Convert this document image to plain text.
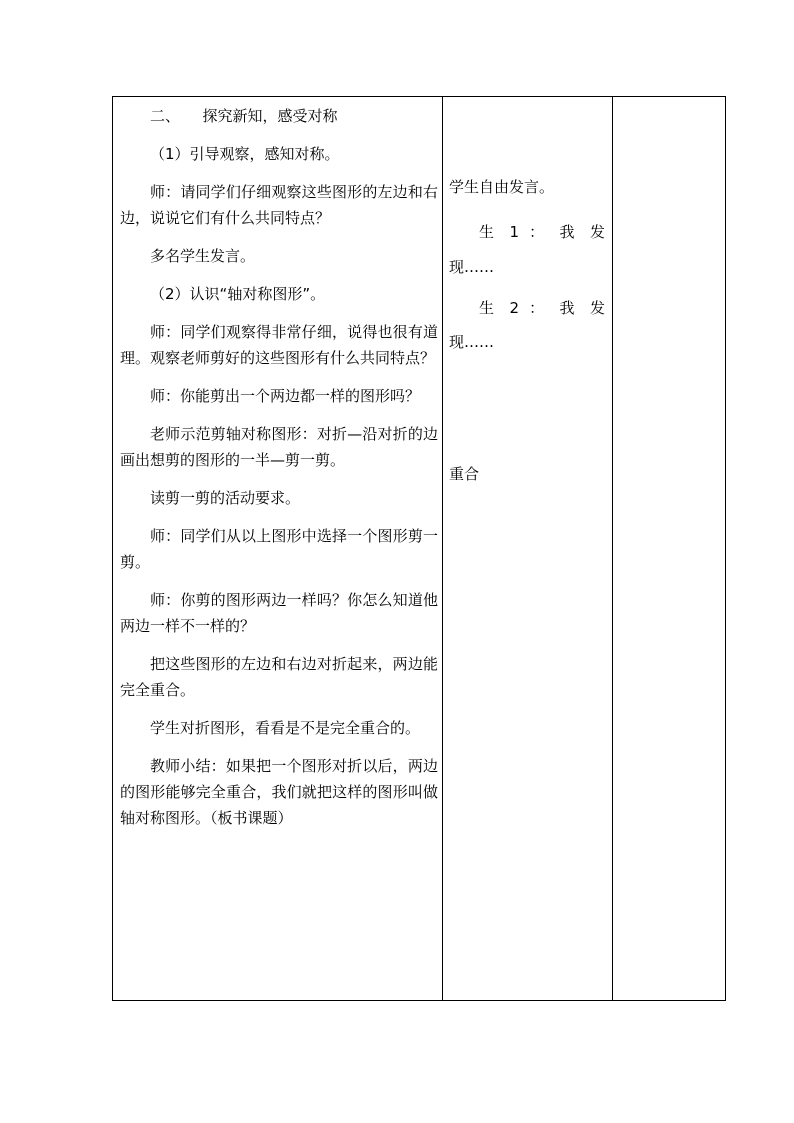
二、　　探究新知，感受对称

（1）引导观察，感知对称。

师：请同学们仔细观察这些图形的左边和右边，说说它们有什么共同特点？

多名学生发言。

（2）认识“轴对称图形”。

师：同学们观察得非常仔细，说得也很有道理。观察老师剪好的这些图形有什么共同特点？

师：你能剪出一个两边都一样的图形吗？

老师示范剪轴对称图形：对折—沿对折的边画出想剪的图形的一半—剪一剪。

读剪一剪的活动要求。

师：同学们从以上图形中选择一个图形剪一剪。

师：你剪的图形两边一样吗？你怎么知道他两边一样不一样的？

把这些图形的左边和右边对折起来，两边能完全重合。

学生对折图形，看看是不是完全重合的。

教师小结：如果把一个图形对折以后，两边的图形能够完全重合，我们就把这样的图形叫做轴对称图形。（板书课题）

学生自由发言。

生 1 ： 我 发

现……

生 2 ： 我 发

现……

重合
